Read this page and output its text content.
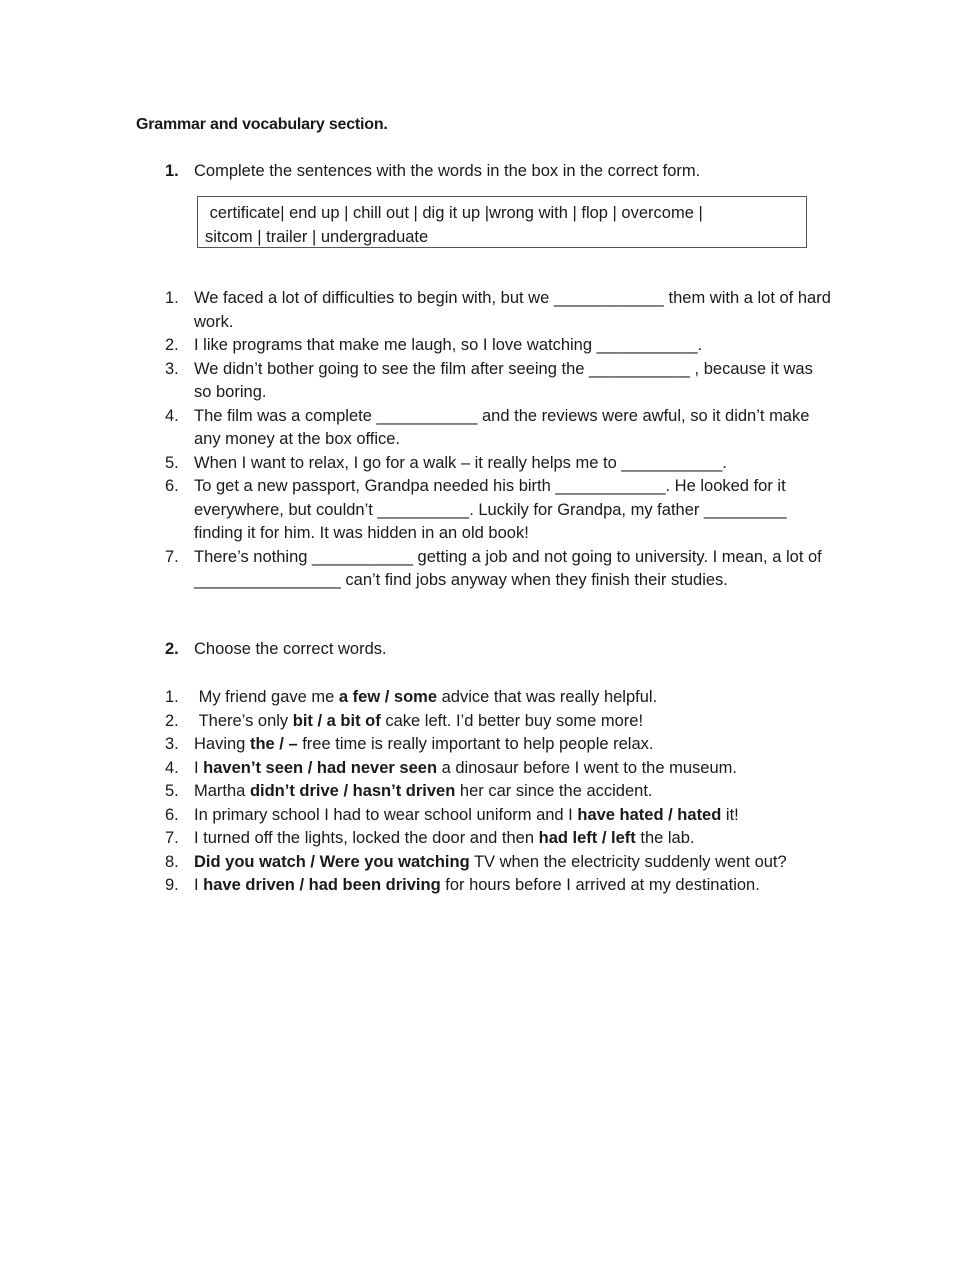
Grammar and vocabulary section.
1. Complete the sentences with the words in the box in the correct form.
certificate| end up | chill out | dig it up |wrong with | flop | overcome |
sitcom | trailer | undergraduate
1. We faced a lot of difficulties to begin with, but we ____________ them with a lot of hard work.
2. I like programs that make me laugh, so I love watching ___________.
3. We didn’t bother going to see the film after seeing the ___________ , because it was so boring.
4. The film was a complete ___________ and the reviews were awful, so it didn’t make any money at the box office.
5. When I want to relax, I go for a walk – it really helps me to ___________.
6. To get a new passport, Grandpa needed his birth ____________. He looked for it everywhere, but couldn’t __________. Luckily for Grandpa, my father _________ finding it for him. It was hidden in an old book!
7. There’s nothing ___________ getting a job and not going to university. I mean, a lot of ________________ can’t find jobs anyway when they finish their studies.
2. Choose the correct words.
1. My friend gave me a few / some advice that was really helpful.
2. There’s only bit / a bit of cake left. I’d better buy some more!
3. Having the / – free time is really important to help people relax.
4. I haven’t seen / had never seen a dinosaur before I went to the museum.
5. Martha didn’t drive / hasn’t driven her car since the accident.
6. In primary school I had to wear school uniform and I have hated / hated it!
7. I turned off the lights, locked the door and then had left / left the lab.
8. Did you watch / Were you watching TV when the electricity suddenly went out?
9. I have driven / had been driving for hours before I arrived at my destination.
